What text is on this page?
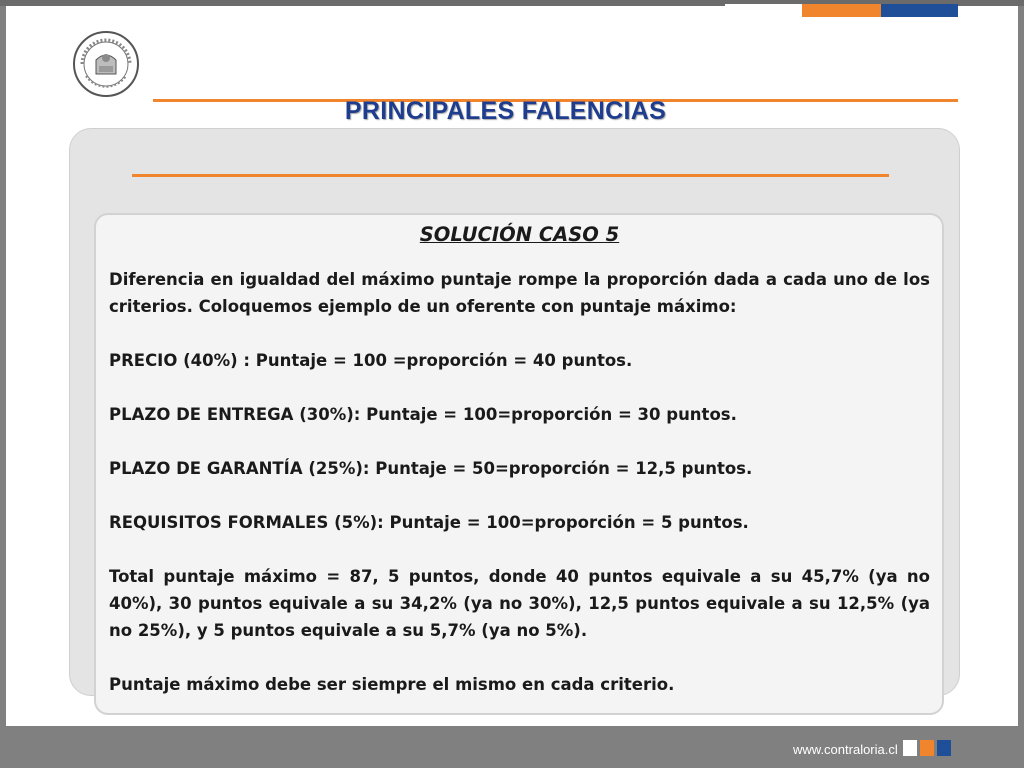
PRINCIPALES FALENCIAS
SOLUCIÓN CASO 5

Diferencia en igualdad del máximo puntaje rompe la proporción dada a cada uno de los criterios. Coloquemos ejemplo de un oferente con puntaje máximo:

PRECIO (40%) : Puntaje = 100 =proporción = 40 puntos.

PLAZO DE ENTREGA (30%): Puntaje = 100=proporción = 30 puntos.

PLAZO DE GARANTÍA (25%): Puntaje = 50=proporción = 12,5 puntos.

REQUISITOS FORMALES (5%): Puntaje = 100=proporción = 5 puntos.

Total puntaje máximo = 87, 5 puntos, donde 40 puntos equivale a su 45,7% (ya no 40%), 30 puntos equivale a su 34,2% (ya no 30%), 12,5 puntos equivale a su 12,5% (ya no 25%), y 5 puntos equivale a su 5,7% (ya no 5%).

Puntaje máximo debe ser siempre el mismo en cada criterio.

www.contraloria.cl
